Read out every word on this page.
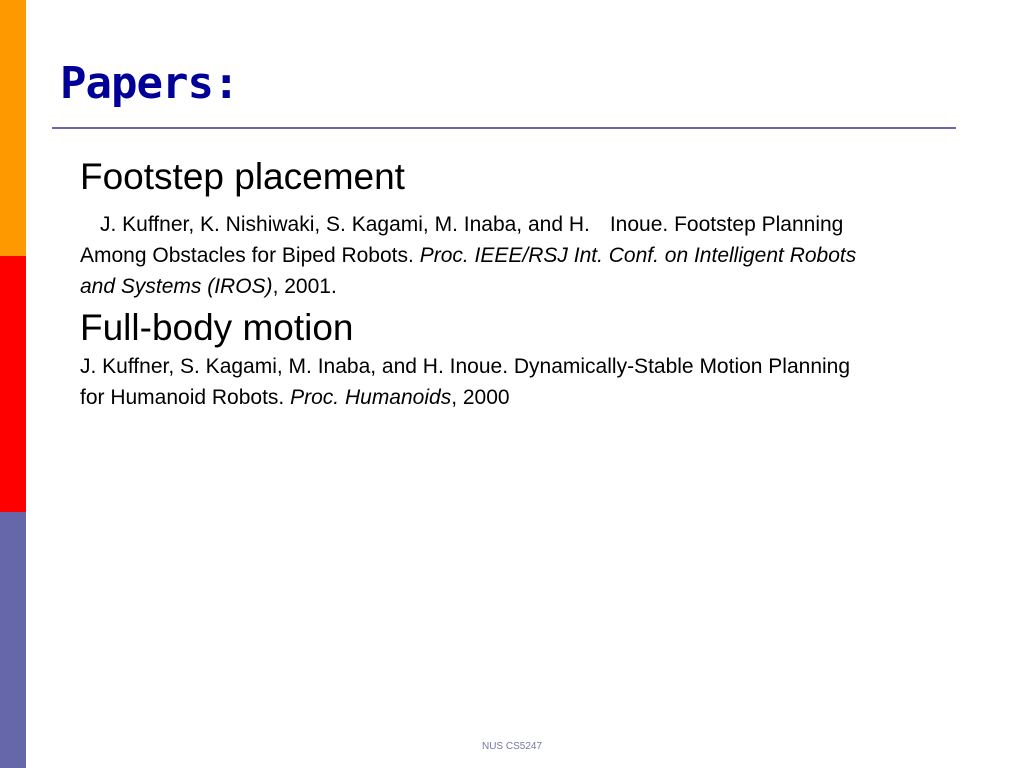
Papers:

Footstep placement

J. Kuffner, K. Nishiwaki, S. Kagami, M. Inaba, and H. Inoue. Footstep Planning Among Obstacles for Biped Robots. Proc. IEEE/RSJ Int. Conf. on Intelligent Robots and Systems (IROS), 2001.

Full-body motion

J. Kuffner, S. Kagami, M. Inaba, and H. Inoue. Dynamically-Stable Motion Planning for Humanoid Robots. Proc. Humanoids, 2000

NUS CS5247
